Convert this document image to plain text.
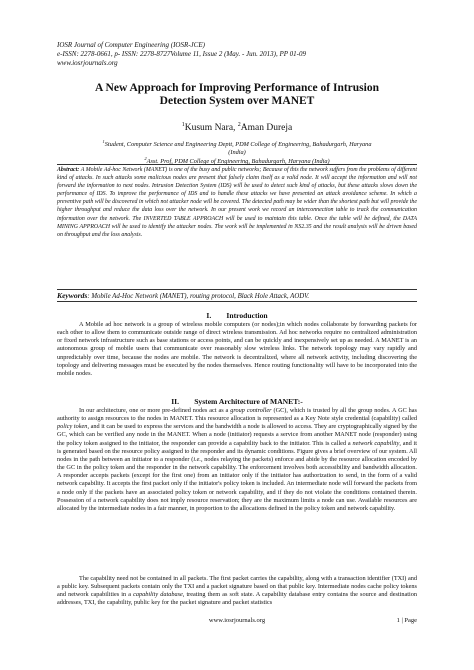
IOSR Journal of Computer Engineering (IOSR-JCE)
e-ISSN: 2278-0661, p- ISSN: 2278-8727Volume 11, Issue 2 (May. - Jun. 2013), PP 01-09
www.iosrjournals.org
A New Approach for Improving Performance of Intrusion
Detection System over MANET
$^1$Kusum Nara, $^2$Aman Dureja
$^1$Student, Computer Science and Engineering Deptt, PDM College of Engineering, Bahadurgarh, Haryana
(India)
$^2$Asst. Prof, PDM College of Engineering, Bahadurgarh, Haryana (India)
Abstract: A Mobile Ad-hoc Network (MANET) is one of the busy and public networks; Because of this the network suffers from the problems of different kind of attacks. In such attacks some malicious nodes are present that falsely claim itself as a valid node. It will accept the information and will not forward the information to next nodes. Intrusion Detection System (IDS) will be used to detect such kind of attacks, but these attacks slows down the performance of IDS. To improve the performance of IDS and to handle these attacks we have presented an attack avoidance scheme. In which a preventive path will be discovered in which not attacker node will be covered. The detected path may be wider than the shortest path but will provide the higher throughput and reduce the data loss over the network. In our present work we record an interconnection table to track the communication information over the network. The INVERTED TABLE APPROACH will be used to maintain this table. Once the table will be defined, the DATA MINING APPROACH will be used to identify the attacker nodes. The work will be implemented in NS2.35 and the result analysis will be driven based on throughput and the loss analysis.
Keywords: Mobile Ad-Hoc Network (MANET), routing protocol, Black Hole Attack, AODV.
I. Introduction
A Mobile ad hoc network is a group of wireless mobile computers (or nodes);in which nodes collaborate by forwarding packets for each other to allow them to communicate outside range of direct wireless transmission. Ad hoc networks require no centralized administration or fixed network infrastructure such as base stations or access points, and can be quickly and inexpensively set up as needed. A MANET is an autonomous group of mobile users that communicate over reasonably slow wireless links. The network topology may vary rapidly and unpredictably over time, because the nodes are mobile. The network is decentralized, where all network activity, including discovering the topology and delivering messages must be executed by the nodes themselves. Hence routing functionality will have to be incorporated into the mobile nodes.
II. System Architecture of MANET:-
In our architecture, one or more pre-defined nodes act as a group controller (GC), which is trusted by all the group nodes. A GC has authority to assign resources to the nodes in MANET. This resource allocation is represented as a Key Note style credential (capability) called policy token, and it can be used to express the services and the bandwidth a node is allowed to access. They are cryptographically signed by the GC, which can be verified any node in the MANET. When a node (initiator) requests a service from another MANET node (responder) using the policy token assigned to the initiator, the responder can provide a capability back to the initiator. This is called a network capability, and it is generated based on the resource policy assigned to the responder and its dynamic conditions. Figure gives a brief overview of our system. All nodes in the path between an initiator to a responder (i.e., nodes relaying the packets) enforce and abide by the resource allocation encoded by the GC in the policy token and the responder in the network capability. The enforcement involves both accessibility and bandwidth allocation. A responder accepts packets (except for the first one) from an initiator only if the initiator has authorization to send, in the form of a valid network capability. It accepts the first packet only if the initiator's policy token is included. An intermediate node will forward the packets from a node only if the packets have an associated policy token or network capability, and if they do not violate the conditions contained therein. Possession of a network capability does not imply resource reservation; they are the maximum limits a node can use. Available resources are allocated by the intermediate nodes in a fair manner, in proportion to the allocations defined in the policy token and network capability.
The capability need not be contained in all packets. The first packet carries the capability, along with a transaction identifier (TXI) and a public key. Subsequent packets contain only the TXI and a packet signature based on that public key. Intermediate nodes cache policy tokens and network capabilities in a capability database, treating them as soft state. A capability database entry contains the source and destination addresses, TXI, the capability, public key for the packet signature and packet statistics
www.iosrjournals.org	1 | Page
